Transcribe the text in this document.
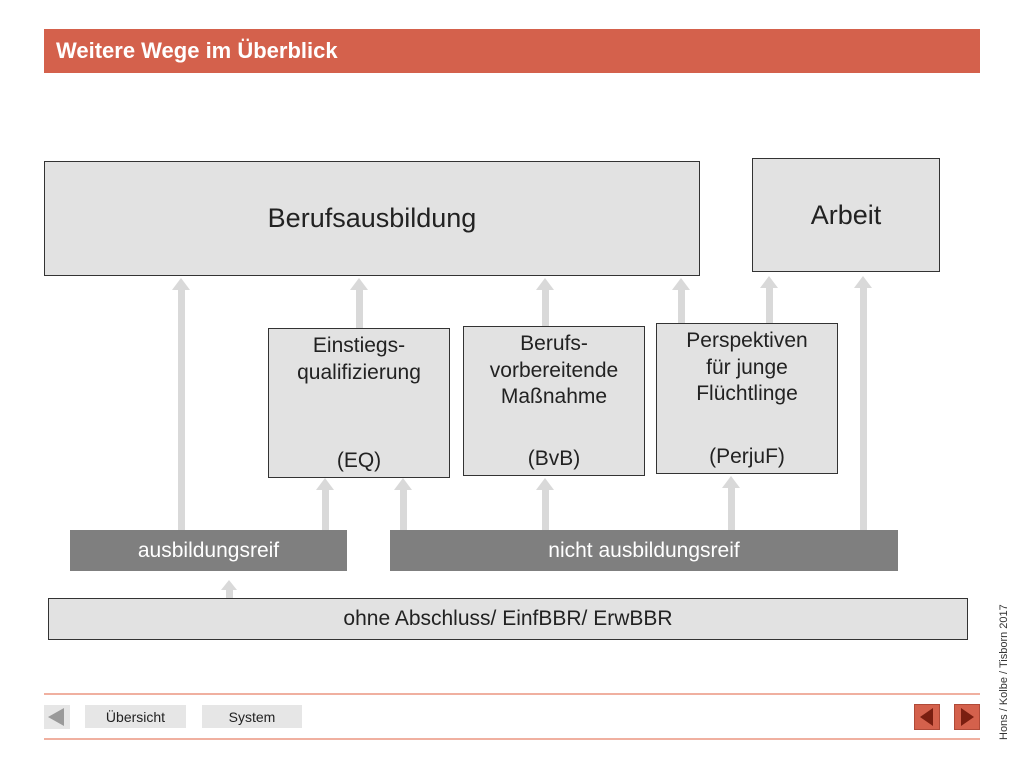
Weitere Wege im Überblick
Berufsausbildung	Arbeit
Einstiegs-
qualifizierung
(EQ)
Berufs-
vorbereitende
Maßnahme
(BvB)
Perspektiven
für junge
Flüchtlinge
(PerjuF)
ausbildungsreif	nicht ausbildungsreif
ohne Abschluss/ EinfBBR/ ErwBBR	Hons / Kolbe / Tisborn 2017
Übersicht	System
